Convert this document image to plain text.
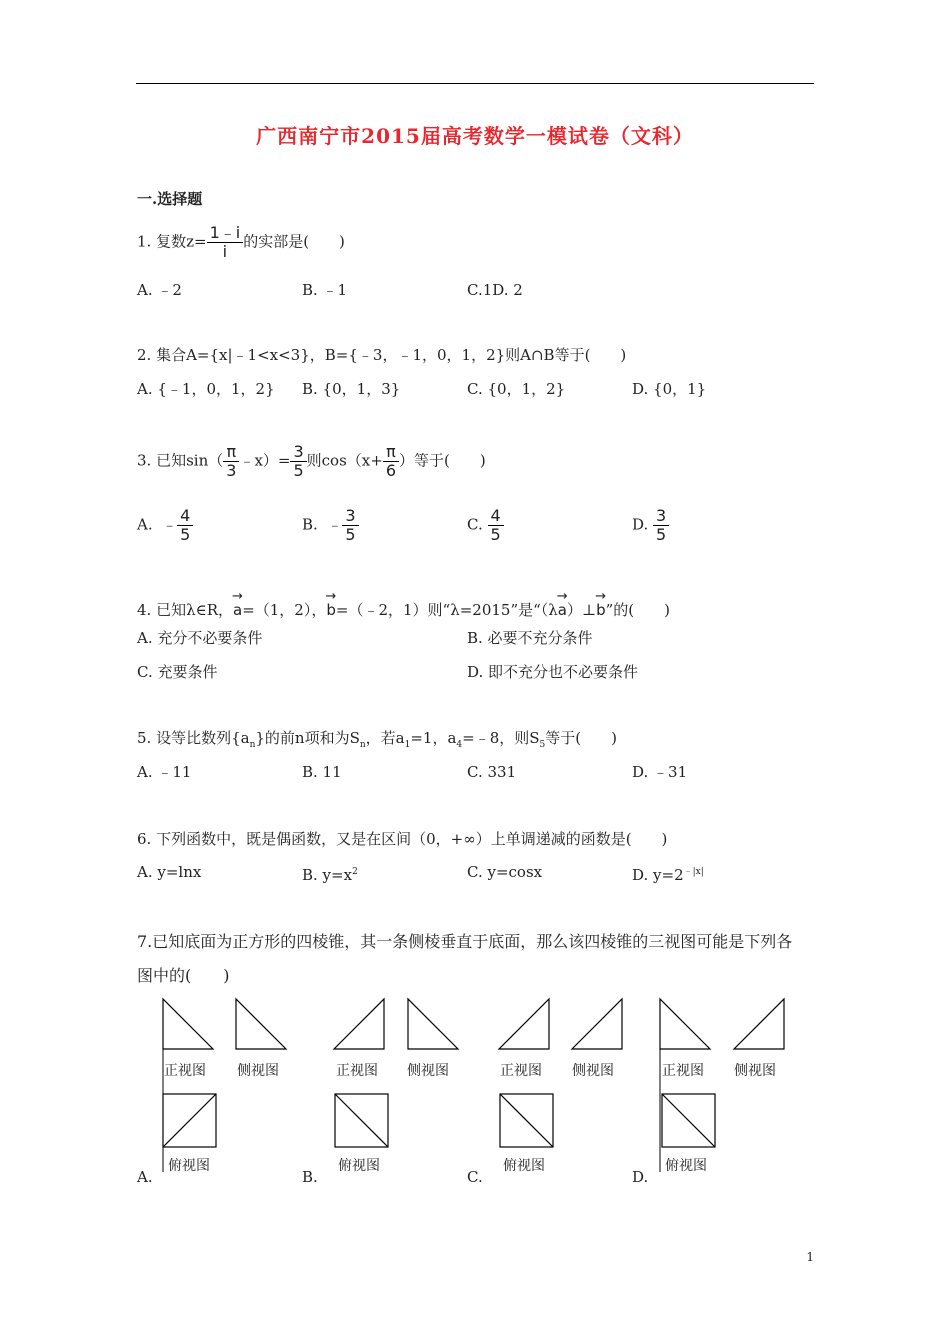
广西南宁市2015届高考数学一模试卷（文科）
一.选择题
1. 复数$z= \frac{1﹣i}{i}$ 的实部是(　　)
A. ﹣2	B. ﹣1	C.1D. 2
2. 集合A={x|﹣1<x<3}，B={﹣3，﹣1，0，1，2}则A∩B等于(　　)
A. {﹣1，0，1，2} B. {0，1，3}	C. {0，1，2}	D. {0，1}
3. 已知$\sin( \frac{\pi}{3}$ ﹣x）= $\frac{3}{5}$ 则$\cos(x+ \frac{\pi}{6}$ ）等于(　　)
A. ﹣ $\frac{4}{5}$	B. ﹣ $\frac{3}{5}$	C. $\frac{4}{5}$	D. $\frac{3}{5}$
4. 已知λ∈R，→ a=（1，2），→ b=（﹣2，1）则“λ=2015”是“（λ→ a）⊥→ b”的(　　)
A. 充分不必要条件	B. 必要不充分条件
C. 充要条件	D. 即不充分也不必要条件
5. 设等比数列$\{a_n\}$的前n项和为$S_n$，若$a_1=1$，$a_4=﹣8$，则$S_5$等于(　　)
A. ﹣11	B. 11	C. 331	D. ﹣31
6. 下列函数中，既是偶函数，又是在区间（0，+∞）上单调递减的函数是(　　)
A. y=lnx	B. $y=x^2$	C. y=cosx	D. $y=2^{﹣|x|}$
7.已知底面为正方形的四棱锥，其一条侧棱垂直于底面，那么该四棱锥的三视图可能是下列各
图中的(　　)
正视图 侧视图
俯视图
A.
正视图 侧视图
俯视图
B.
正视图 侧视图
俯视图
C.
正视图 侧视图
俯视图
D.
1
